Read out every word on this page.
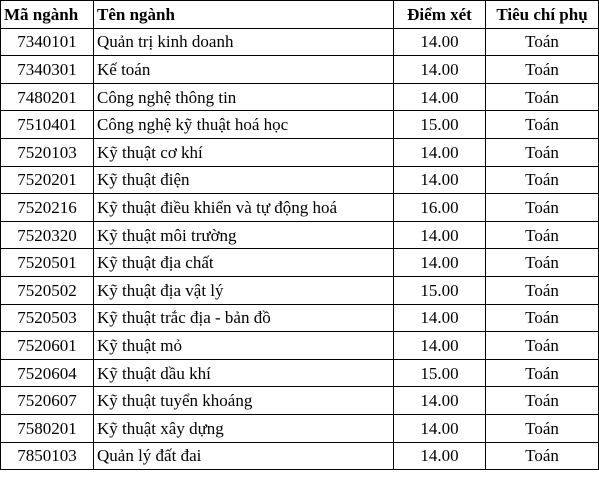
Mã ngành	Tên ngành	Điểm xét	Tiêu chí phụ
7340101	Quản trị kinh doanh	14.00	Toán
7340301	Kế toán	14.00	Toán
7480201	Công nghệ thông tin	14.00	Toán
7510401	Công nghệ kỹ thuật hoá học	15.00	Toán
7520103	Kỹ thuật cơ khí	14.00	Toán
7520201	Kỹ thuật điện	14.00	Toán
7520216	Kỹ thuật điều khiển và tự động hoá	16.00	Toán
7520320	Kỹ thuật môi trường	14.00	Toán
7520501	Kỹ thuật địa chất	14.00	Toán
7520502	Kỹ thuật địa vật lý	15.00	Toán
7520503	Kỹ thuật trắc địa - bản đồ	14.00	Toán
7520601	Kỹ thuật mỏ	14.00	Toán
7520604	Kỹ thuật dầu khí	15.00	Toán
7520607	Kỹ thuật tuyển khoáng	14.00	Toán
7580201	Kỹ thuật xây dựng	14.00	Toán
7850103	Quản lý đất đai	14.00	Toán
